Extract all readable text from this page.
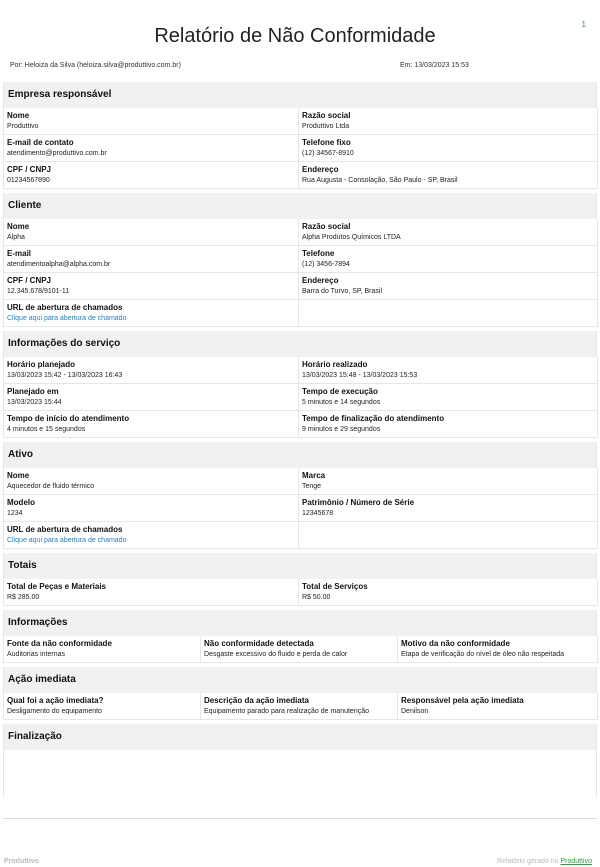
1
Relatório de Não Conformidade
Por: Heloiza da Silva (heloiza.silva@produttivo.com.br)	Em: 13/03/2023 15:53
Empresa responsável
Nome
Produttivo
Razão social
Produttivo Ltda
E-mail de contato
atendimento@produttivo.com.br
Telefone fixo
(12) 34567-8910
CPF / CNPJ
01234567890
Endereço
Rua Augusta - Consolação, São Paulo - SP, Brasil
Cliente
Nome
Alpha
Razão social
Alpha Produtos Químicos LTDA
E-mail
atendimentoalpha@alpha.com.br
Telefone
(12) 3456-7894
CPF / CNPJ
12.345.678/9101-11
Endereço
Barra do Turvo, SP, Brasil
URL de abertura de chamados
Clique aqui para abertura de chamado
Informações do serviço
Horário planejado
13/03/2023 15:42 - 13/03/2023 16:43
Horário realizado
13/03/2023 15:48 - 13/03/2023 15:53
Planejado em
13/03/2023 15:44
Tempo de execução
5 minutos e 14 segundos
Tempo de início do atendimento
4 minutos e 15 segundos
Tempo de finalização do atendimento
9 minutos e 29 segundos
Ativo
Nome
Aquecedor de fluido térmico
Marca
Tenge
Modelo
1234
Patrimônio / Número de Série
12345678
URL de abertura de chamados
Clique aqui para abertura de chamado
Totais
Total de Peças e Materiais
R$ 285.00
Total de Serviços
R$ 50.00
Informações
Fonte da não conformidade
Auditorias internas
Não conformidade detectada
Desgaste excessivo do fluido e perda de calor
Motivo da não conformidade
Etapa de verificação do nível de óleo não respeitada
Ação imediata
Qual foi a ação imediata?
Desligamento do equipamento
Descrição da ação imediata
Equipamento parado para realização de manutenção
Responsável pela ação imediata
Denilson
Finalização
Produttivo	Relatório gerado no Produttivo
